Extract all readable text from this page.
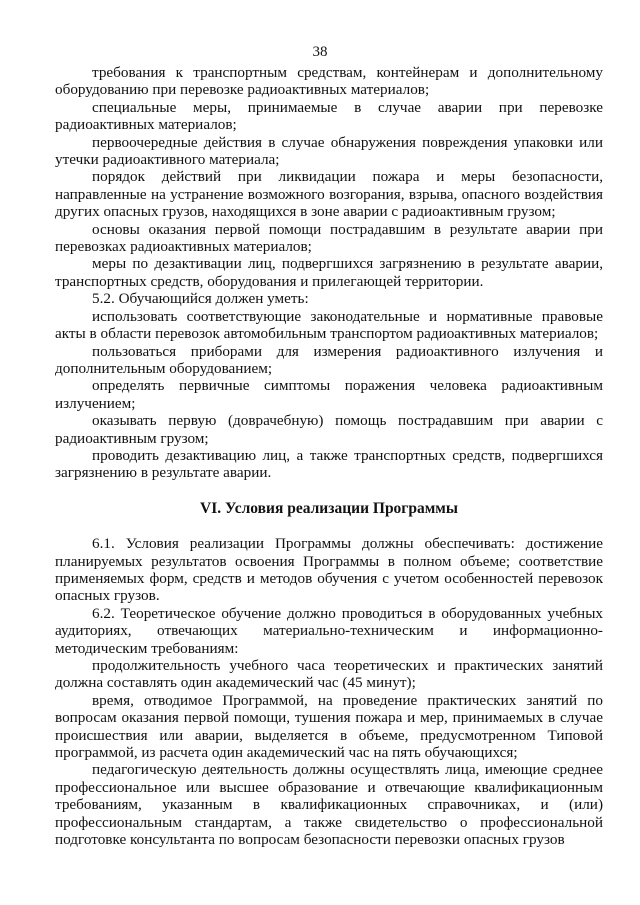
38

требования к транспортным средствам, контейнерам и дополнительному оборудованию при перевозке радиоактивных материалов;

специальные меры, принимаемые в случае аварии при перевозке радиоактивных материалов;

первоочередные действия в случае обнаружения повреждения упаковки или утечки радиоактивного материала;

порядок действий при ликвидации пожара и меры безопасности, направленные на устранение возможного возгорания, взрыва, опасного воздействия других опасных грузов, находящихся в зоне аварии с радиоактивным грузом;

основы оказания первой помощи пострадавшим в результате аварии при перевозках радиоактивных материалов;

меры по дезактивации лиц, подвергшихся загрязнению в результате аварии, транспортных средств, оборудования и прилегающей территории.

5.2. Обучающийся должен уметь:

использовать соответствующие законодательные и нормативные правовые акты в области перевозок автомобильным транспортом радиоактивных материалов;

пользоваться приборами для измерения радиоактивного излучения и дополнительным оборудованием;

определять первичные симптомы поражения человека радиоактивным излучением;

оказывать первую (доврачебную) помощь пострадавшим при аварии с радиоактивным грузом;

проводить дезактивацию лиц, а также транспортных средств, подвергшихся загрязнению в результате аварии.

VI. Условия реализации Программы

6.1. Условия реализации Программы должны обеспечивать: достижение планируемых результатов освоения Программы в полном объеме; соответствие применяемых форм, средств и методов обучения с учетом особенностей перевозок опасных грузов.

6.2. Теоретическое обучение должно проводиться в оборудованных учебных аудиториях, отвечающих материально-техническим и информационно-методическим требованиям:

продолжительность учебного часа теоретических и практических занятий должна составлять один академический час (45 минут);

время, отводимое Программой, на проведение практических занятий по вопросам оказания первой помощи, тушения пожара и мер, принимаемых в случае происшествия или аварии, выделяется в объеме, предусмотренном Типовой программой, из расчета один академический час на пять обучающихся;

педагогическую деятельность должны осуществлять лица, имеющие среднее профессиональное или высшее образование и отвечающие квалификационным требованиям, указанным в квалификационных справочниках, и (или) профессиональным стандартам, а также свидетельство о профессиональной подготовке консультанта по вопросам безопасности перевозки опасных грузов
